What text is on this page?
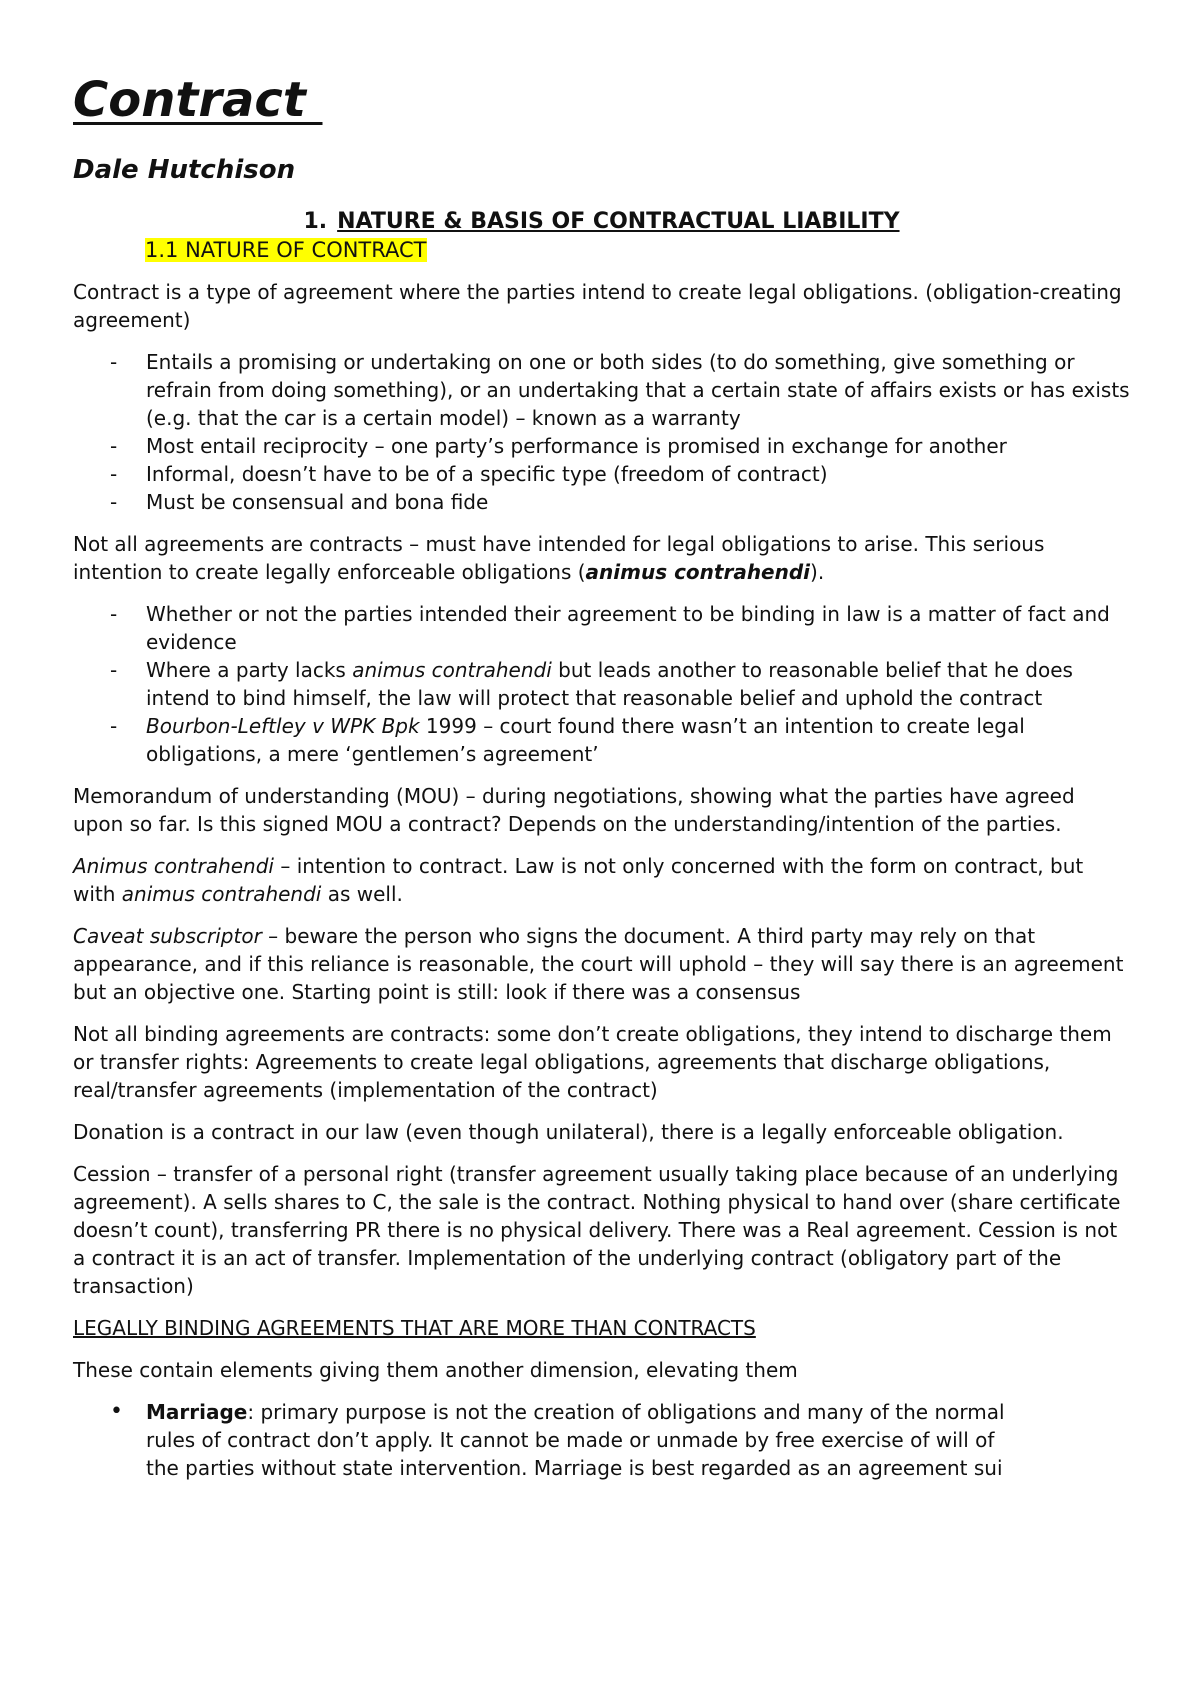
Contract
Dale Hutchison
1. NATURE & BASIS OF CONTRACTUAL LIABILITY
1.1 NATURE OF CONTRACT

Contract is a type of agreement where the parties intend to create legal obligations. (obligation-creating agreement)

- Entails a promising or undertaking on one or both sides (to do something, give something or refrain from doing something), or an undertaking that a certain state of affairs exists or has exists (e.g. that the car is a certain model) – known as a warranty
- Most entail reciprocity – one party’s performance is promised in exchange for another
- Informal, doesn’t have to be of a specific type (freedom of contract)
- Must be consensual and bona fide

Not all agreements are contracts – must have intended for legal obligations to arise. This serious intention to create legally enforceable obligations (animus contrahendi).

- Whether or not the parties intended their agreement to be binding in law is a matter of fact and evidence
- Where a party lacks animus contrahendi but leads another to reasonable belief that he does intend to bind himself, the law will protect that reasonable belief and uphold the contract
- Bourbon-Leftley v WPK Bpk 1999 – court found there wasn’t an intention to create legal obligations, a mere ‘gentlemen’s agreement’

Memorandum of understanding (MOU) – during negotiations, showing what the parties have agreed upon so far. Is this signed MOU a contract? Depends on the understanding/intention of the parties.

Animus contrahendi – intention to contract. Law is not only concerned with the form on contract, but with animus contrahendi as well.

Caveat subscriptor – beware the person who signs the document. A third party may rely on that appearance, and if this reliance is reasonable, the court will uphold – they will say there is an agreement but an objective one. Starting point is still: look if there was a consensus

Not all binding agreements are contracts: some don’t create obligations, they intend to discharge them or transfer rights: Agreements to create legal obligations, agreements that discharge obligations, real/transfer agreements (implementation of the contract)

Donation is a contract in our law (even though unilateral), there is a legally enforceable obligation.

Cession – transfer of a personal right (transfer agreement usually taking place because of an underlying agreement). A sells shares to C, the sale is the contract. Nothing physical to hand over (share certificate doesn’t count), transferring PR there is no physical delivery. There was a Real agreement. Cession is not a contract it is an act of transfer. Implementation of the underlying contract (obligatory part of the transaction)

LEGALLY BINDING AGREEMENTS THAT ARE MORE THAN CONTRACTS

These contain elements giving them another dimension, elevating them

• Marriage: primary purpose is not the creation of obligations and many of the normal
rules of contract don’t apply. It cannot be made or unmade by free exercise of will of
the parties without state intervention. Marriage is best regarded as an agreement sui
